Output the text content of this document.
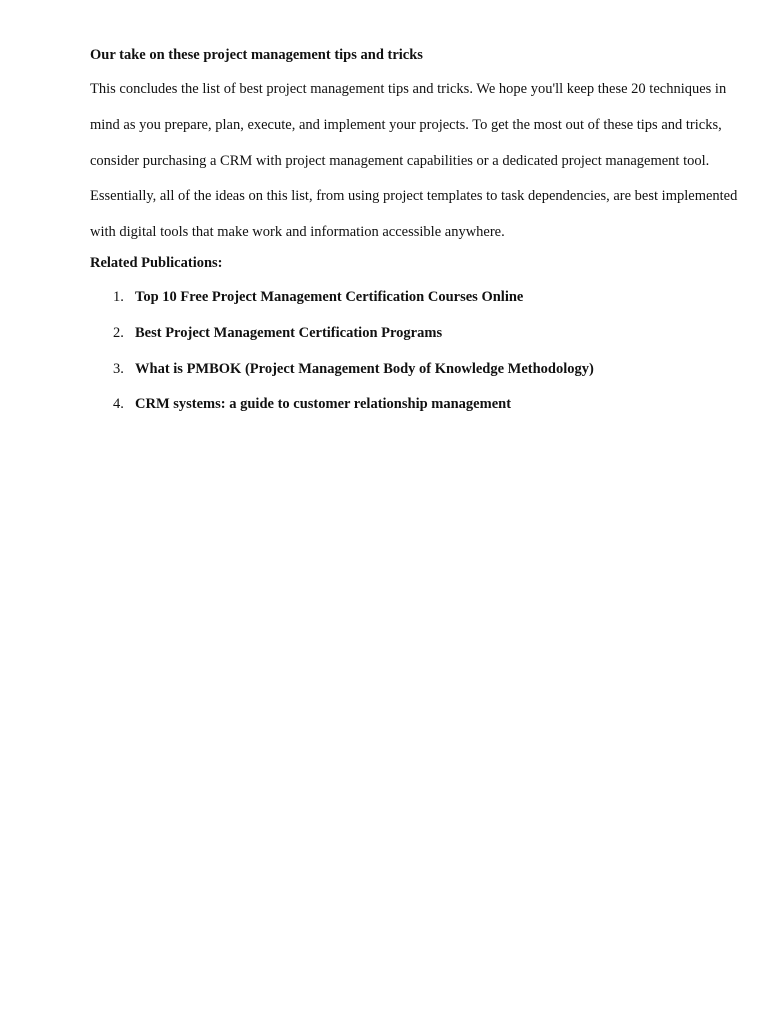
Our take on these project management tips and tricks

This concludes the list of best project management tips and tricks. We hope you'll keep these 20 techniques in mind as you prepare, plan, execute, and implement your projects. To get the most out of these tips and tricks, consider purchasing a CRM with project management capabilities or a dedicated project management tool. Essentially, all of the ideas on this list, from using project templates to task dependencies, are best implemented with digital tools that make work and information accessible anywhere.

Related Publications:

1. Top 10 Free Project Management Certification Courses Online
2. Best Project Management Certification Programs
3. What is PMBOK (Project Management Body of Knowledge Methodology)
4. CRM systems: a guide to customer relationship management
